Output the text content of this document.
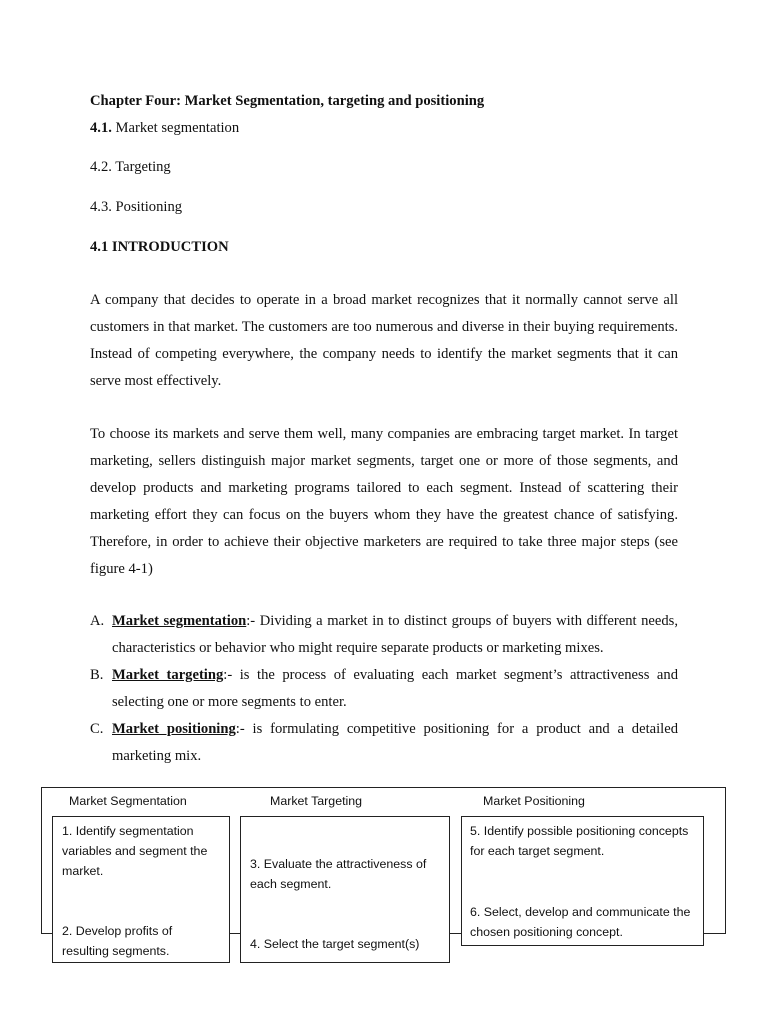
Chapter Four: Market Segmentation, targeting and positioning
4.1. Market segmentation
4.2. Targeting
4.3. Positioning
4.1 INTRODUCTION

A company that decides to operate in a broad market recognizes that it normally cannot serve all customers in that market. The customers are too numerous and diverse in their buying requirements. Instead of competing everywhere, the company needs to identify the market segments that it can serve most effectively.

To choose its markets and serve them well, many companies are embracing target market. In target marketing, sellers distinguish major market segments, target one or more of those segments, and develop products and marketing programs tailored to each segment. Instead of scattering their marketing effort they can focus on the buyers whom they have the greatest chance of satisfying. Therefore, in order to achieve their objective marketers are required to take three major steps (see figure 4-1)

A. Market segmentation:- Dividing a market in to distinct groups of buyers with different needs, characteristics or behavior who might require separate products or marketing mixes.
B. Market targeting:- is the process of evaluating each market segment’s attractiveness and selecting one or more segments to enter.
C. Market positioning:- is formulating competitive positioning for a product and a detailed marketing mix.
Market Segmentation	Market Targeting	Market Positioning
1. Identify segmentation variables and segment the market.
2. Develop profits of resulting segments.
3. Evaluate the attractiveness of each segment.
4. Select the target segment(s)
5. Identify possible positioning concepts for each target segment.
6. Select, develop and communicate the chosen positioning concept.
